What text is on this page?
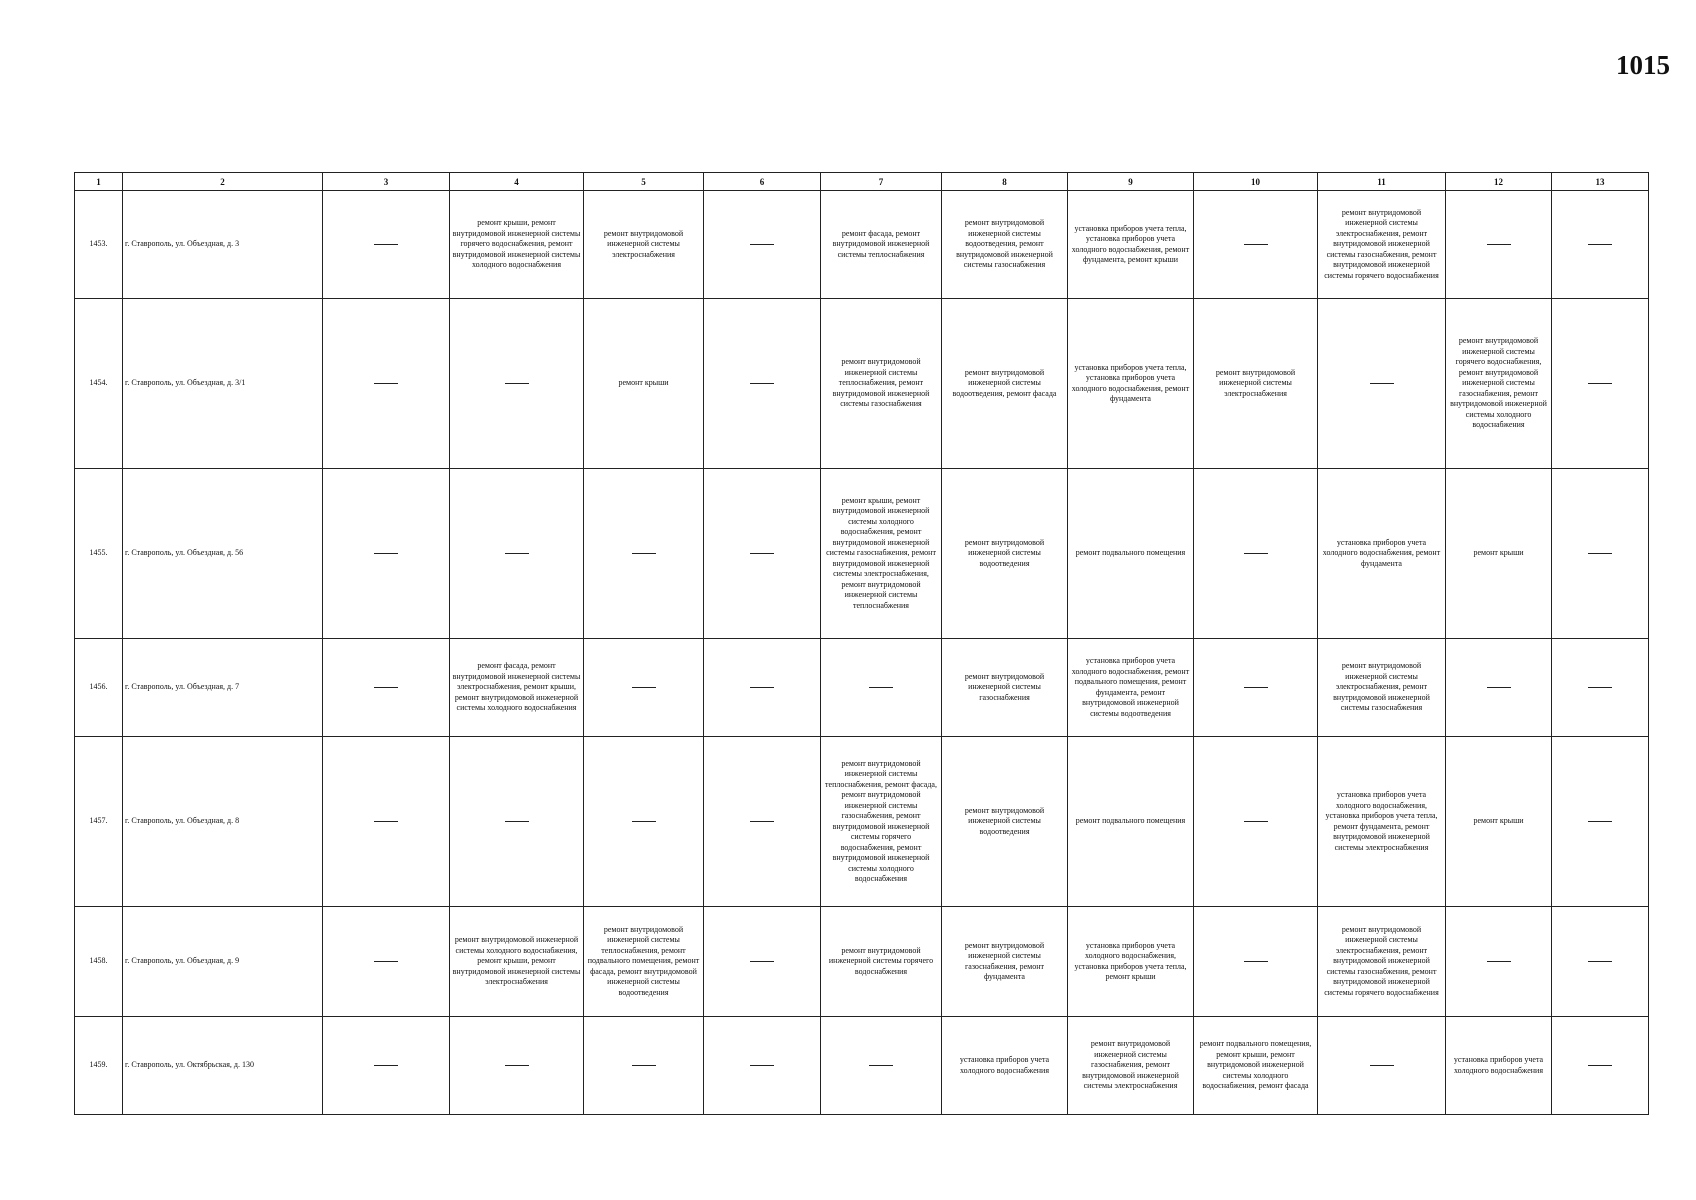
1015
1	2	3	4	5	6	7	8	9	10	11	12	13

1453.	г. Ставрополь, ул. Объездная, д. 3		ремонт крыши, ремонт внутридомовой инженерной системы горячего водоснабжения, ремонт внутридомовой инженерной системы холодного водоснабжения	ремонт внутридомовой инженерной системы электроснабжения		ремонт фасада, ремонт внутридомовой инженерной системы теплоснабжения	ремонт внутридомовой инженерной системы водоотведения, ремонт внутридомовой инженерной системы газоснабжения	установка приборов учета тепла, установка приборов учета холодного водоснабжения, ремонт фундамента, ремонт крыши		ремонт внутридомовой инженерной системы электроснабжения, ремонт внутридомовой инженерной системы газоснабжения, ремонт внутридомовой инженерной системы горячего водоснабжения		

1454.	г. Ставрополь, ул. Объездная, д. 3/1			ремонт крыши		ремонт внутридомовой инженерной системы теплоснабжения, ремонт внутридомовой инженерной системы газоснабжения	ремонт внутридомовой инженерной системы водоотведения, ремонт фасада	установка приборов учета тепла, установка приборов учета холодного водоснабжения, ремонт фундамента	ремонт внутридомовой инженерной системы электроснабжения		ремонт внутридомовой инженерной системы горячего водоснабжения, ремонт внутридомовой инженерной системы газоснабжения, ремонт внутридомовой инженерной системы холодного водоснабжения	

1455.	г. Ставрополь, ул. Объездная, д. 56					ремонт крыши, ремонт внутридомовой инженерной системы холодного водоснабжения, ремонт внутридомовой инженерной системы газоснабжения, ремонт внутридомовой инженерной системы электроснабжения, ремонт внутридомовой инженерной системы теплоснабжения	ремонт внутридомовой инженерной системы водоотведения	ремонт подвального помещения		установка приборов учета холодного водоснабжения, ремонт фундамента	ремонт крыши	

1456.	г. Ставрополь, ул. Объездная, д. 7		ремонт фасада, ремонт внутридомовой инженерной системы электроснабжения, ремонт крыши, ремонт внутридомовой инженерной системы холодного водоснабжения				ремонт внутридомовой инженерной системы газоснабжения	установка приборов учета холодного водоснабжения, ремонт подвального помещения, ремонт фундамента, ремонт внутридомовой инженерной системы водоотведения		ремонт внутридомовой инженерной системы электроснабжения, ремонт внутридомовой инженерной системы газоснабжения		

1457.	г. Ставрополь, ул. Объездная, д. 8					ремонт внутридомовой инженерной системы теплоснабжения, ремонт фасада, ремонт внутридомовой инженерной системы газоснабжения, ремонт внутридомовой инженерной системы горячего водоснабжения, ремонт внутридомовой инженерной системы холодного водоснабжения	ремонт внутридомовой инженерной системы водоотведения	ремонт подвального помещения		установка приборов учета холодного водоснабжения, установка приборов учета тепла, ремонт фундамента, ремонт внутридомовой инженерной системы электроснабжения	ремонт крыши	

1458.	г. Ставрополь, ул. Объездная, д. 9		ремонт внутридомовой инженерной системы холодного водоснабжения, ремонт крыши, ремонт внутридомовой инженерной системы электроснабжения	ремонт внутридомовой инженерной системы теплоснабжения, ремонт подвального помещения, ремонт фасада, ремонт внутридомовой инженерной системы водоотведения		ремонт внутридомовой инженерной системы горячего водоснабжения	ремонт внутридомовой инженерной системы газоснабжения, ремонт фундамента	установка приборов учета холодного водоснабжения, установка приборов учета тепла, ремонт крыши		ремонт внутридомовой инженерной системы электроснабжения, ремонт внутридомовой инженерной системы газоснабжения, ремонт внутридомовой инженерной системы горячего водоснабжения		

1459.	г. Ставрополь, ул. Октябрьская, д. 130						установка приборов учета холодного водоснабжения	ремонт внутридомовой инженерной системы газоснабжения, ремонт внутридомовой инженерной системы электроснабжения	ремонт подвального помещения, ремонт крыши, ремонт внутридомовой инженерной системы холодного водоснабжения, ремонт фасада		установка приборов учета холодного водоснабжения	
